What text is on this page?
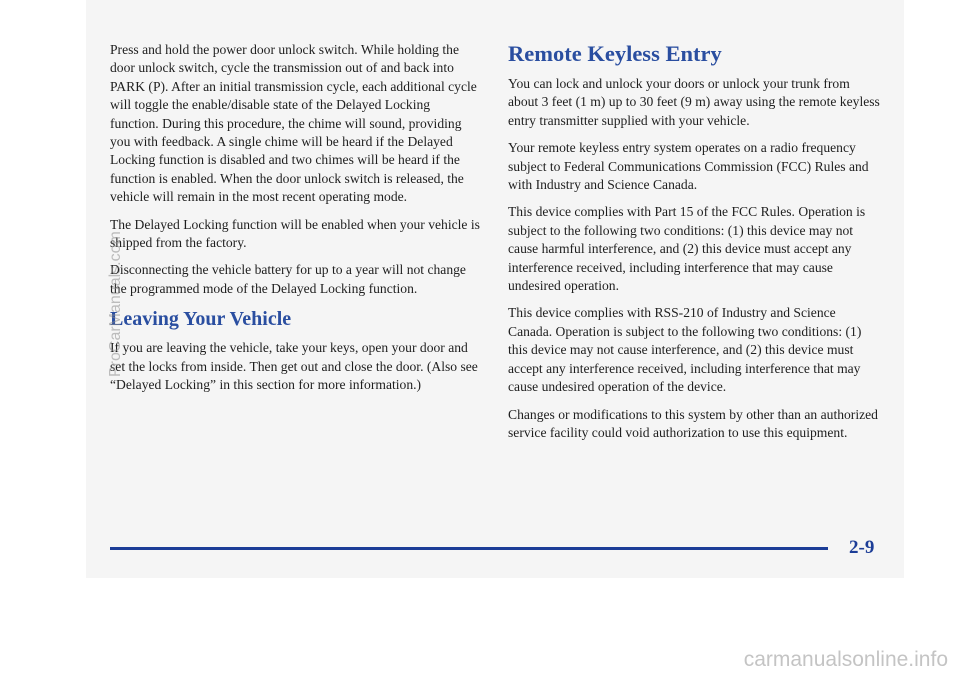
Press and hold the power door unlock switch. While holding the door unlock switch, cycle the transmission out of and back into PARK (P). After an initial transmission cycle, each additional cycle will toggle the enable/disable state of the Delayed Locking function. During this procedure, the chime will sound, providing you with feedback. A single chime will be heard if the Delayed Locking function is disabled and two chimes will be heard if the function is enabled. When the door unlock switch is released, the vehicle will remain in the most recent operating mode.

The Delayed Locking function will be enabled when your vehicle is shipped from the factory.

Disconnecting the vehicle battery for up to a year will not change the programmed mode of the Delayed Locking function.

Leaving Your Vehicle

If you are leaving the vehicle, take your keys, open your door and set the locks from inside. Then get out and close the door. (Also see “Delayed Locking” in this section for more information.)

Remote Keyless Entry

You can lock and unlock your doors or unlock your trunk from about 3 feet (1 m) up to 30 feet (9 m) away using the remote keyless entry transmitter supplied with your vehicle.

Your remote keyless entry system operates on a radio frequency subject to Federal Communications Commission (FCC) Rules and with Industry and Science Canada.

This device complies with Part 15 of the FCC Rules. Operation is subject to the following two conditions: (1) this device may not cause harmful interference, and (2) this device must accept any interference received, including interference that may cause undesired operation.

This device complies with RSS-210 of Industry and Science Canada. Operation is subject to the following two conditions: (1) this device may not cause interference, and (2) this device must accept any interference received, including interference that may cause undesired operation of the device.

Changes or modifications to this system by other than an authorized service facility could void authorization to use this equipment.

2-9
ProCarManuals.com
carmanualsonline.info
